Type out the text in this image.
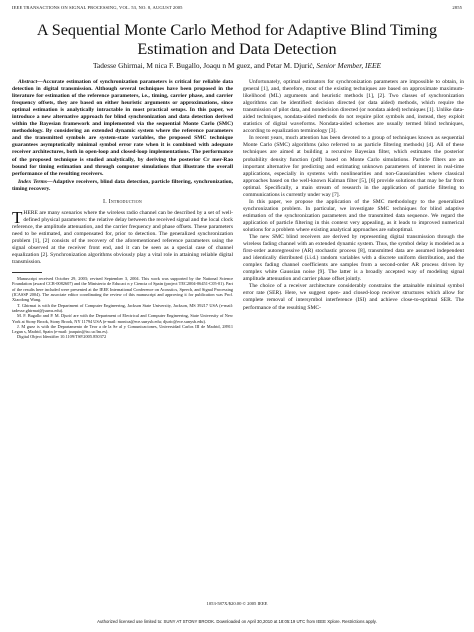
IEEE TRANSACTIONS ON SIGNAL PROCESSING, VOL. 53, NO. 8, AUGUST 2005	2855
A Sequential Monte Carlo Method for Adaptive Blind Timing Estimation and Data Detection
Tadesse Ghirmai, M nica F. Bugallo, Joaqu n M guez, and Petar M. Djurić, Senior Member, IEEE

Abstract—Accurate estimation of synchronization parameters is critical for reliable data detection in digital transmission. Although several techniques have been proposed in the literature for estimation of the reference parameters, i.e., timing, carrier phase, and carrier frequency offsets, they are based on either heuristic arguments or approximations, since optimal estimation is analytically intractable in most practical setups. In this paper, we introduce a new alternative approach for blind synchronization and data detection derived within the Bayesian framework and implemented via the sequential Monte Carlo (SMC) methodology. By considering an extended dynamic system where the reference parameters and the transmitted symbols are system-state variables, the proposed SMC technique guarantees asymptotically minimal symbol error rate when it is combined with adequate receiver architectures, both in open-loop and closed-loop implementations. The performance of the proposed technique is studied analytically, by deriving the posterior Cr mer-Rao bound for timing estimation and through computer simulations that illustrate the overall performance of the resulting receivers.

Index Terms—Adaptive receivers, blind data detection, particle filtering, synchronization, timing recovery.

I. Introduction

THERE are many scenarios where the wireless radio channel can be described by a set of well-defined physical parameters: the relative delay between the received signal and the local clock reference, the amplitude attenuation, and the carrier frequency and phase offsets. These parameters need to be estimated, and compensated for, prior to detection. The generalized synchronization problem [1], [2] consists of the recovery of the aforementioned reference parameters using the signal observed at the receiver front end, and it can be seen as a special case of channel equalization [2]. Synchronization algorithms obviously play a vital role in attaining reliable digital transmission.

Manuscript received October 29, 2003; revised September 3, 2004. This work was supported by the National Science Foundation (award CCR-0082607) and the Ministerio de Educaci n y Ciencia of Spain (project TEC2004-06451-C05-01). Part of the results here included were presented at the IEEE International Conference on Acoustics, Speech, and Signal Processing (ICASSP 2004). The associate editor coordinating the review of this manuscript and approving it for publication was Prof. Xiaodong Wang.

T. Ghirmai is with the Department of Computer Engineering, Jackson State University, Jackson, MS 39217 USA (e-mail: tadesse.ghirmai@jsums.edu).

M. F. Bugallo and P. M. Djurić are with the Department of Electrical and Computer Engineering, State University of New York at Stony Brook, Stony Brook, NY 11794 USA (e-mail: monica@ece.sunysb.edu; djuric@ece.sunysb.edu).

J. M guez is with the Departamento de Teor a de la Se al y Comunicaciones, Universidad Carlos III de Madrid, 28911 Legan s, Madrid, Spain (e-mail: joaquin@tsc.uc3m.es).

Digital Object Identifier 10.1109/TSP.2005.850372

Unfortunately, optimal estimators for synchronization parameters are impossible to obtain, in general [1], and, therefore, most of the existing techniques are based on approximate maximum-likelihood (ML) arguments and heuristic methods [1], [2]. Two classes of synchronization algorithms can be identified: decision directed (or data aided) methods, which require the transmission of pilot data, and nondecision directed (or nondata aided) techniques [1]. Unlike data-aided techniques, nondata-aided methods do not require pilot symbols and, instead, they exploit statistics of digital waveforms. Nondata-aided schemes are usually termed blind techniques, according to equalization terminology [3].

In recent years, much attention has been devoted to a group of techniques known as sequential Monte Carlo (SMC) algorithms (also referred to as particle filtering methods) [4]. All of these techniques are aimed at building a recursive Bayesian filter, which estimates the posterior probability density function (pdf) based on Monte Carlo simulations. Particle filters are an important alternative for predicting and estimating unknown parameters of interest in real-time applications, especially in systems with nonlinearities and non-Gaussianities where classical approaches based on the well-known Kalman filter [5], [6] provide solutions that may be far from optimal. Specifically, a main stream of research in the application of particle filtering to communications is currently under way [7].

In this paper, we propose the application of the SMC methodology to the generalized synchronization problem. In particular, we investigate SMC techniques for blind adaptive estimation of the synchronization parameters and the transmitted data sequence. We regard the application of particle filtering in this context very appealing, as it leads to improved numerical solutions for a problem where existing analytical approaches are suboptimal.

The new SMC blind receivers are derived by representing digital transmission through the wireless fading channel with an extended dynamic system. Thus, the symbol delay is modeled as a first-order autoregressive (AR) stochastic process [8], transmitted data are assumed independent and identically distributed (i.i.d.) random variables with a discrete uniform distribution, and the complex fading channel coefficients are samples from a second-order AR process driven by complex white Gaussian noise [9]. The latter is a broadly accepted way of modeling signal amplitude attenuation and carrier phase offset jointly.

The choice of a receiver architecture considerably constrains the attainable minimal symbol error rate (SER). Here, we suggest open- and closed-loop receiver structures which allow for complete removal of intersymbol interference (ISI) and achieve close-to-optimal SER. The performance of the resulting SMC-

1053-587X/$20.00 © 2005 IEEE
Authorized licensed use limited to: SUNY AT STONY BROOK. Downloaded on April 30,2010 at 18:05:19 UTC from IEEE Xplore. Restrictions apply.
